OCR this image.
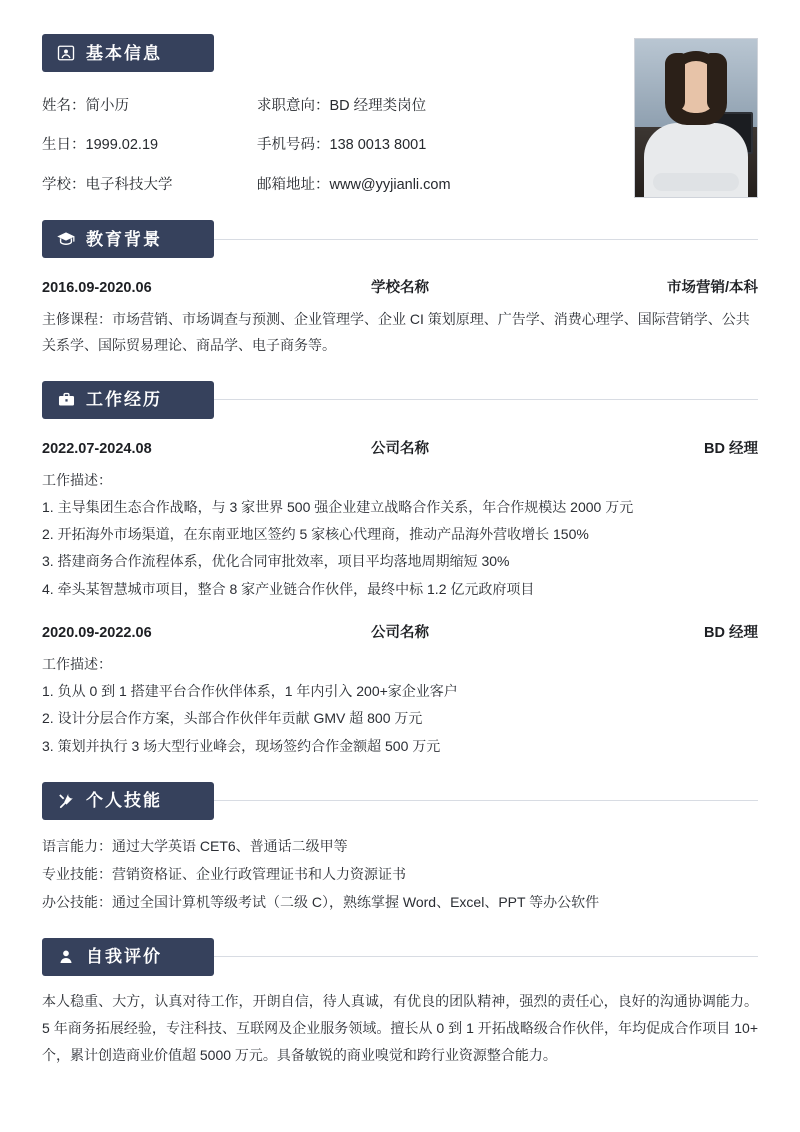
基本信息
姓名：简小历	求职意向：BD 经理类岗位
生日：1999.02.19	手机号码：138 0013 8001
学校：电子科技大学	邮箱地址：www@yyjianli.com
教育背景
2016.09-2020.06	学校名称	市场营销/本科
主修课程：市场营销、市场调查与预测、企业管理学、企业 CI 策划原理、广告学、消费心理学、国际营销学、公共关系学、国际贸易理论、商品学、电子商务等。
工作经历
2022.07-2024.08	公司名称	BD 经理
工作描述：
1. 主导集团生态合作战略，与 3 家世界 500 强企业建立战略合作关系，年合作规模达 2000 万元
2. 开拓海外市场渠道，在东南亚地区签约 5 家核心代理商，推动产品海外营收增长 150%
3. 搭建商务合作流程体系，优化合同审批效率，项目平均落地周期缩短 30%
4. 牵头某智慧城市项目，整合 8 家产业链合作伙伴，最终中标 1.2 亿元政府项目
2020.09-2022.06	公司名称	BD 经理
工作描述：
1. 负从 0 到 1 搭建平台合作伙伴体系，1 年内引入 200+家企业客户
2. 设计分层合作方案，头部合作伙伴年贡献 GMV 超 800 万元
3. 策划并执行 3 场大型行业峰会，现场签约合作金额超 500 万元
个人技能
语言能力：通过大学英语 CET6、普通话二级甲等
专业技能：营销资格证、企业行政管理证书和人力资源证书
办公技能：通过全国计算机等级考试（二级 C），熟练掌握 Word、Excel、PPT 等办公软件
自我评价
本人稳重、大方，认真对待工作，开朗自信，待人真诚，有优良的团队精神，强烈的责任心，良好的沟通协调能力。5 年商务拓展经验，专注科技、互联网及企业服务领域。擅长从 0 到 1 开拓战略级合作伙伴，年均促成合作项目 10+ 个，累计创造商业价值超 5000 万元。具备敏锐的商业嗅觉和跨行业资源整合能力。
